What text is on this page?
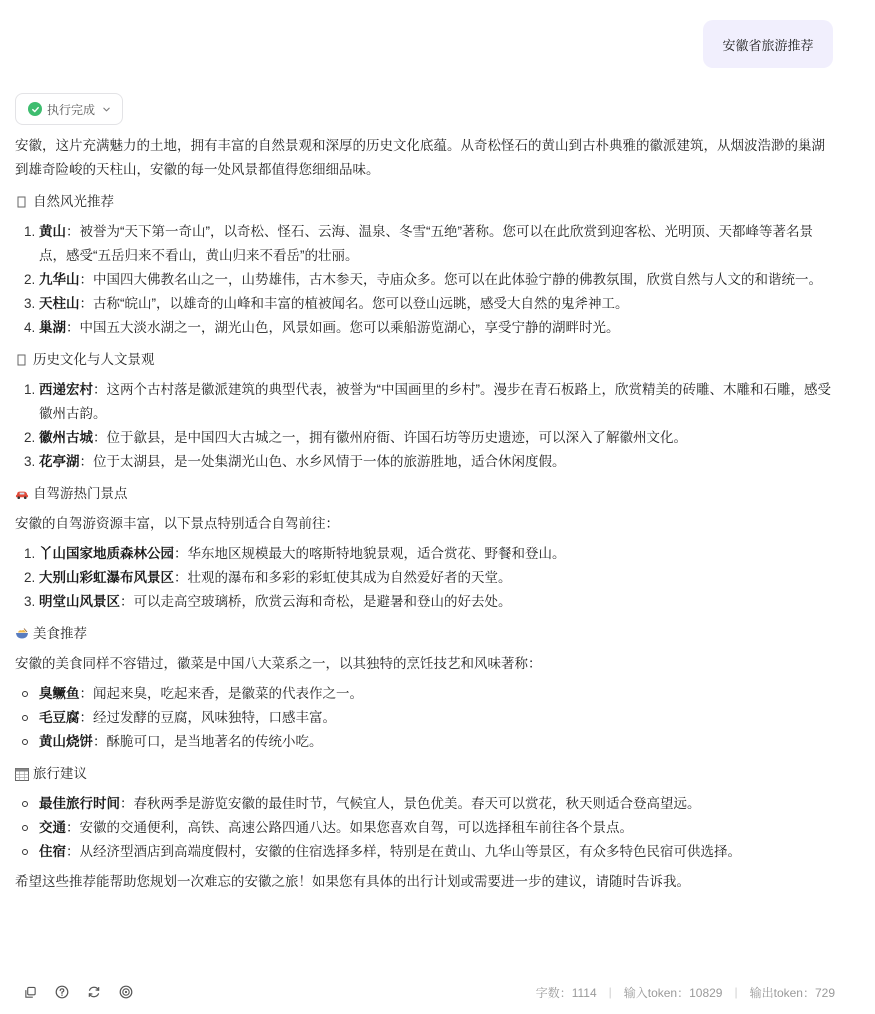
安徽省旅游推荐
执行完成

安徽，这片充满魅力的土地，拥有丰富的自然景观和深厚的历史文化底蕴。从奇松怪石的黄山到古朴典雅的徽派建筑，从烟波浩渺的巢湖到雄奇险峻的天柱山，安徽的每一处风景都值得您细细品味。

自然风光推荐
1. 黄山：被誉为“天下第一奇山”，以奇松、怪石、云海、温泉、冬雪“五绝”著称。您可以在此欣赏到迎客松、光明顶、天都峰等著名景点，感受“五岳归来不看山，黄山归来不看岳”的壮丽。
2. 九华山：中国四大佛教名山之一，山势雄伟，古木参天，寺庙众多。您可以在此体验宁静的佛教氛围，欣赏自然与人文的和谐统一。
3. 天柱山：古称“皖山”，以雄奇的山峰和丰富的植被闻名。您可以登山远眺，感受大自然的鬼斧神工。
4. 巢湖：中国五大淡水湖之一，湖光山色，风景如画。您可以乘船游览湖心，享受宁静的湖畔时光。
历史文化与人文景观
1. 西递宏村：这两个古村落是徽派建筑的典型代表，被誉为“中国画里的乡村”。漫步在青石板路上，欣赏精美的砖雕、木雕和石雕，感受徽州古韵。
2. 徽州古城：位于歙县，是中国四大古城之一，拥有徽州府衙、许国石坊等历史遗迹，可以深入了解徽州文化。
3. 花亭湖：位于太湖县，是一处集湖光山色、水乡风情于一体的旅游胜地，适合休闲度假。
自驾游热门景点

安徽的自驾游资源丰富，以下景点特别适合自驾前往：

1. 丫山国家地质森林公园：华东地区规模最大的喀斯特地貌景观，适合赏花、野餐和登山。
2. 大别山彩虹瀑布风景区：壮观的瀑布和多彩的彩虹使其成为自然爱好者的天堂。
3. 明堂山风景区：可以走高空玻璃桥，欣赏云海和奇松，是避暑和登山的好去处。
美食推荐

安徽的美食同样不容错过，徽菜是中国八大菜系之一，以其独特的烹饪技艺和风味著称：

臭鳜鱼：闻起来臭，吃起来香，是徽菜的代表作之一。
毛豆腐：经过发酵的豆腐，风味独特，口感丰富。
黄山烧饼：酥脆可口，是当地著名的传统小吃。
旅行建议
最佳旅行时间：春秋两季是游览安徽的最佳时节，气候宜人，景色优美。春天可以赏花，秋天则适合登高望远。
交通：安徽的交通便利，高铁、高速公路四通八达。如果您喜欢自驾，可以选择租车前往各个景点。
住宿：从经济型酒店到高端度假村，安徽的住宿选择多样，特别是在黄山、九华山等景区，有众多特色民宿可供选择。

希望这些推荐能帮助您规划一次难忘的安徽之旅！如果您有具体的出行计划或需要进一步的建议，请随时告诉我。

字数：1114 | 输入token：10829 | 输出token：729
